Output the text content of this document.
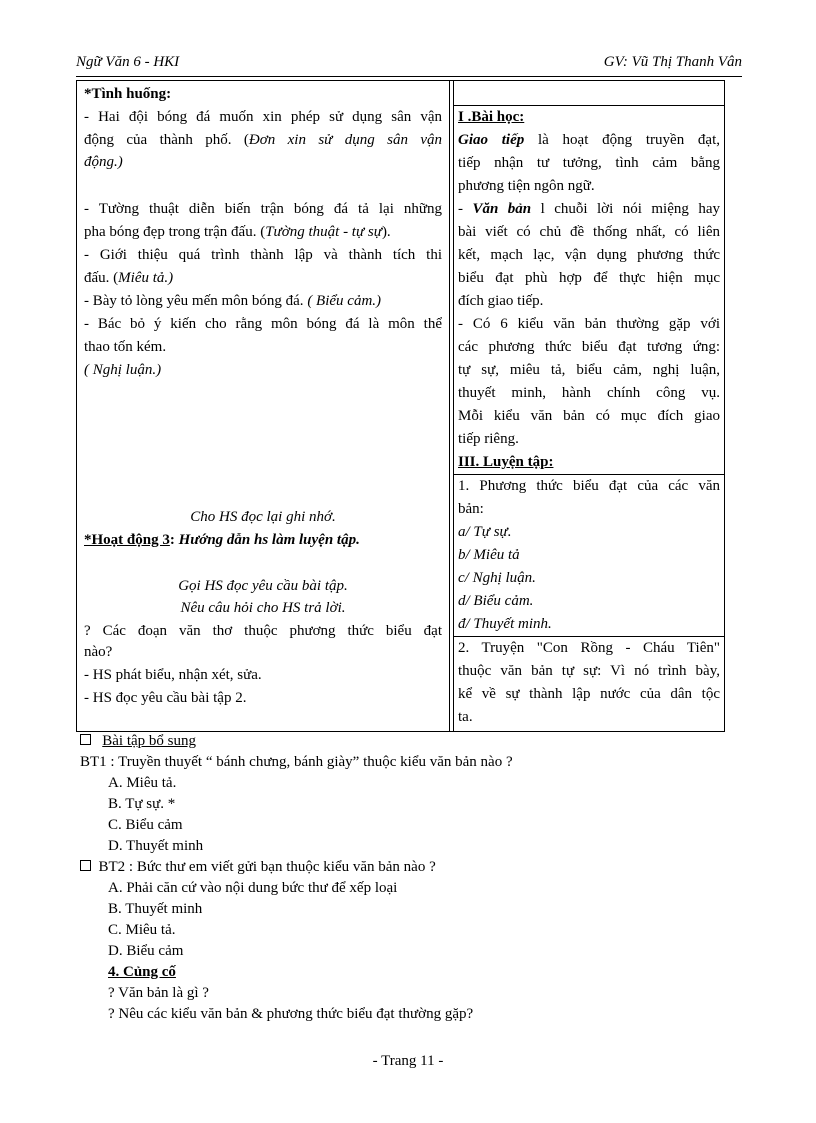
Ngữ Văn 6 - HKI	GV: Vũ Thị Thanh Vân
*Tình huống:
- Hai đội bóng đá muốn xin phép sử dụng sân vận
động của thành phố. (Đơn xin sử dụng sân vận
động.)
- Tường thuật diễn biến trận bóng đá tả lại những
pha bóng đẹp trong trận đấu. (Tường thuật - tự sự).
- Giới thiệu quá trình thành lập và thành tích thi
đấu. (Miêu tả.)
- Bày tỏ lòng yêu mến môn bóng đá. ( Biểu cảm.)
- Bác bỏ ý kiến cho rằng môn bóng đá là môn thể
thao tốn kém.
( Nghị luận.)
Cho HS đọc lại ghi nhớ.
*Hoạt động 3: Hướng dẫn hs làm luyện tập.
Gọi HS đọc yêu cầu bài tập.
Nêu câu hỏi cho HS trả lời.
? Các đoạn văn thơ thuộc phương thức biểu đạt
nào?
- HS phát biểu, nhận xét, sửa.
- HS đọc yêu cầu bài tập 2.
I .Bài học:
Giao tiếp là hoạt động truyền đạt,
tiếp nhận tư tưởng, tình cảm bằng
phương tiện ngôn ngữ.
- Văn bản l chuỗi lời nói miệng hay
bài viết có chủ đề thống nhất, có liên
kết, mạch lạc, vận dụng phương thức
biểu đạt phù hợp để thực hiện mục
đích giao tiếp.
- Có 6 kiểu văn bản thường gặp với
các phương thức biểu đạt tương ứng:
tự sự, miêu tả, biểu cảm, nghị luận,
thuyết minh, hành chính công vụ.
Mỗi kiểu văn bản có mục đích giao
tiếp riêng.
III. Luyện tập:
1. Phương thức biểu đạt của các văn
bản:
a/ Tự sự.
b/ Miêu tả
c/ Nghị luận.
d/ Biểu cảm.
đ/ Thuyết minh.
2. Truyện "Con Rồng - Cháu Tiên"
thuộc văn bản tự sự: Vì nó trình bày,
kể về sự thành lập nước của dân tộc
ta.
Bài tập bổ sung
BT1 : Truyền thuyết “ bánh chưng, bánh giày” thuộc kiểu văn bản nào ?
A. Miêu tả.
B. Tự sự. *
C. Biểu cảm
D. Thuyết minh
BT2 : Bức thư em viết gửi bạn thuộc kiểu văn bản nào ?
A. Phải căn cứ vào nội dung bức thư để xếp loại
B. Thuyết minh
C. Miêu tả.
D. Biểu cảm
4. Củng cố
? Văn bản là gì ?
? Nêu các kiểu văn bản & phương thức biểu đạt thường gặp?
- Trang 11 -
